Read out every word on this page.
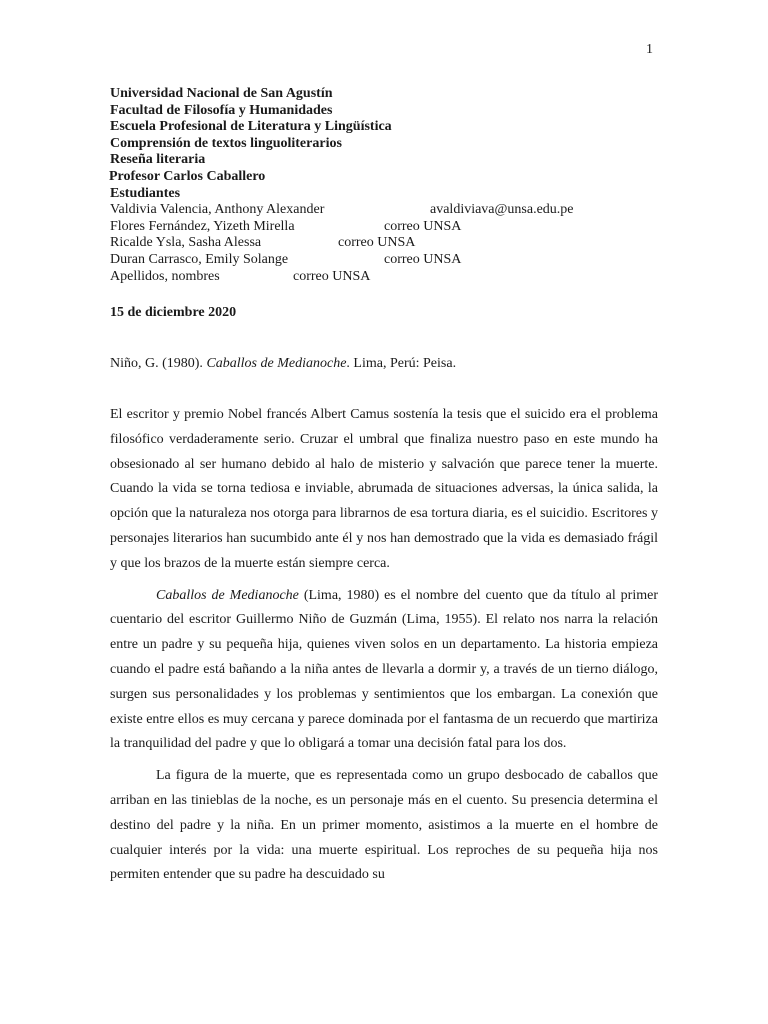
1
Universidad Nacional de San Agustín
Facultad de Filosofía y Humanidades
Escuela Profesional de Literatura y Lingüística
Comprensión de textos linguoliterarios
Reseña literaria
Profesor Carlos Caballero
Estudiantes
Valdivia Valencia, Anthony Alexander	avaldiviava@unsa.edu.pe
Flores Fernández, Yizeth Mirella	correo UNSA
Ricalde Ysla, Sasha Alessa	correo UNSA
Duran Carrasco, Emily Solange	correo UNSA
Apellidos, nombres	correo UNSA
15 de diciembre 2020
Niño, G. (1980). Caballos de Medianoche. Lima, Perú: Peisa.

El escritor y premio Nobel francés Albert Camus sostenía la tesis que el suicido era el problema filosófico verdaderamente serio. Cruzar el umbral que finaliza nuestro paso en este mundo ha obsesionado al ser humano debido al halo de misterio y salvación que parece tener la muerte. Cuando la vida se torna tediosa e inviable, abrumada de situaciones adversas, la única salida, la opción que la naturaleza nos otorga para librarnos de esa tortura diaria, es el suicidio. Escritores y personajes literarios han sucumbido ante él y nos han demostrado que la vida es demasiado frágil y que los brazos de la muerte están siempre cerca.

Caballos de Medianoche (Lima, 1980) es el nombre del cuento que da título al primer cuentario del escritor Guillermo Niño de Guzmán (Lima, 1955). El relato nos narra la relación entre un padre y su pequeña hija, quienes viven solos en un departamento. La historia empieza cuando el padre está bañando a la niña antes de llevarla a dormir y, a través de un tierno diálogo, surgen sus personalidades y los problemas y sentimientos que los embargan. La conexión que existe entre ellos es muy cercana y parece dominada por el fantasma de un recuerdo que martiriza la tranquilidad del padre y que lo obligará a tomar una decisión fatal para los dos.

La figura de la muerte, que es representada como un grupo desbocado de caballos que arriban en las tinieblas de la noche, es un personaje más en el cuento. Su presencia determina el destino del padre y la niña. En un primer momento, asistimos a la muerte en el hombre de cualquier interés por la vida: una muerte espiritual. Los reproches de su pequeña hija nos permiten entender que su padre ha descuidado su
